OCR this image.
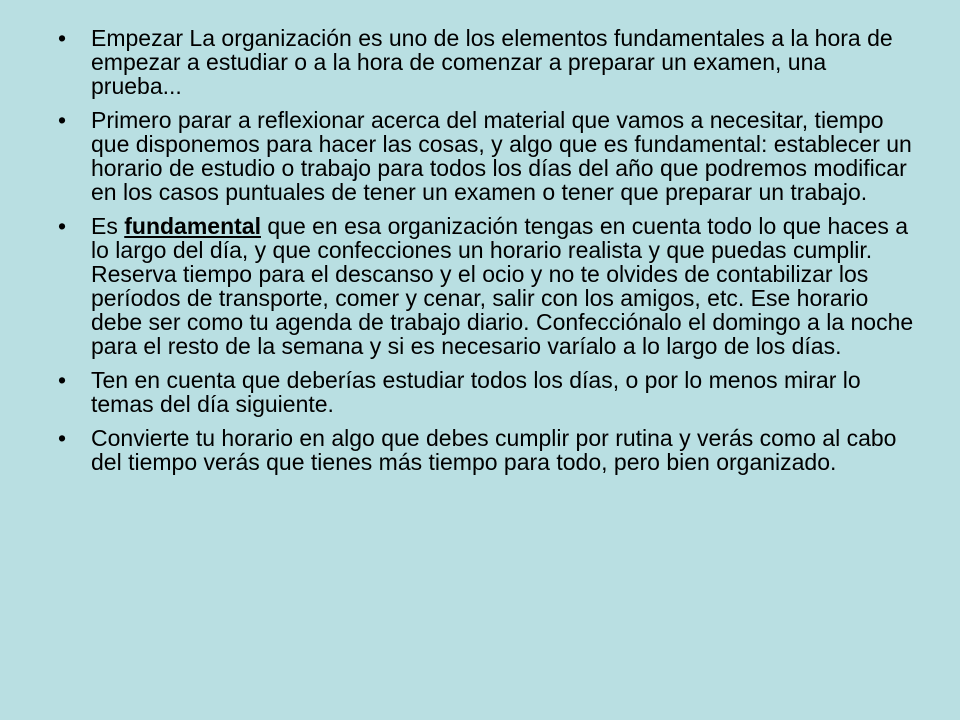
• Empezar La organización es uno de los elementos fundamentales a la hora de empezar a estudiar o a la hora de comenzar a preparar un examen, una prueba...
• Primero parar a reflexionar acerca del material que vamos a necesitar, tiempo que disponemos para hacer las cosas, y algo que es fundamental: establecer un horario de estudio o trabajo para todos los días del año que podremos modificar en los casos puntuales de tener un examen o tener que preparar un trabajo.
• Es fundamental que en esa organización tengas en cuenta todo lo que haces a lo largo del día, y que confecciones un horario realista y que puedas cumplir. Reserva tiempo para el descanso y el ocio y no te olvides de contabilizar los períodos de transporte, comer y cenar, salir con los amigos, etc. Ese horario debe ser como tu agenda de trabajo diario. Confecciónalo el domingo a la noche para el resto de la semana y si es necesario varíalo a lo largo de los días.
• Ten en cuenta que deberías estudiar todos los días, o por lo menos mirar lo temas del día siguiente.
• Convierte tu horario en algo que debes cumplir por rutina y verás como al cabo del tiempo verás que tienes más tiempo para todo, pero bien organizado.
